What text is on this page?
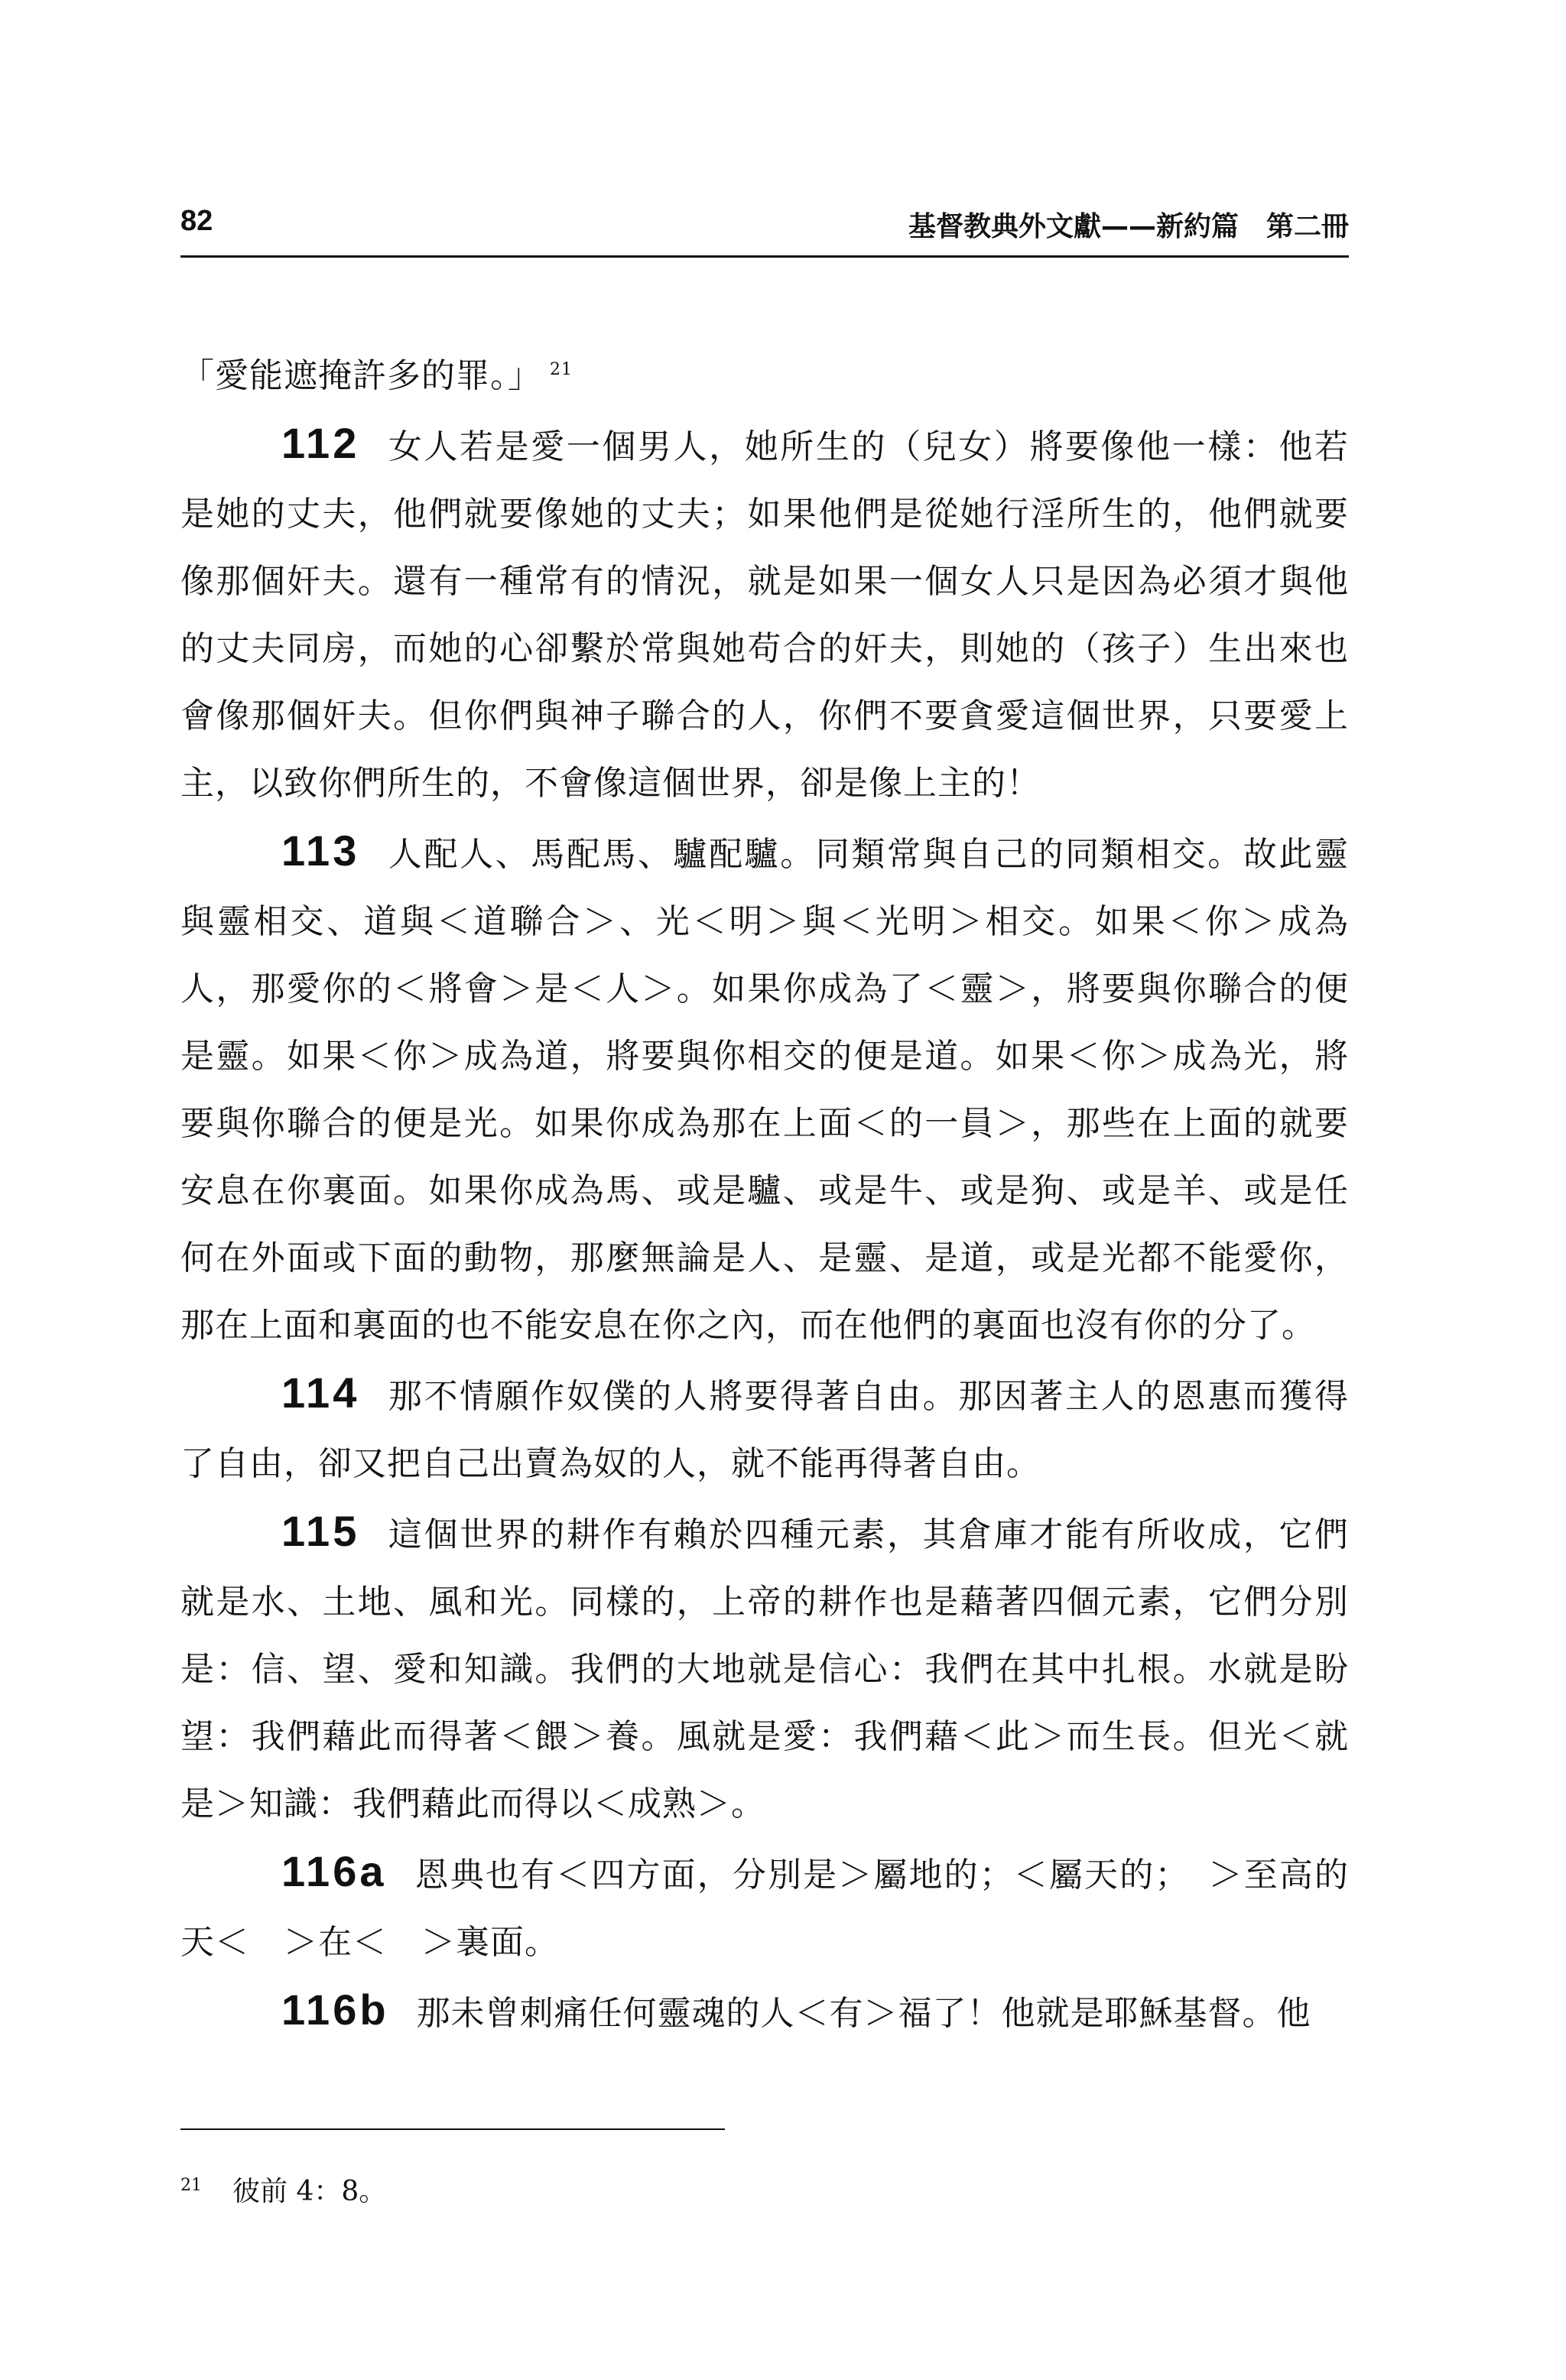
82	基督教典外文獻——新約篇　第二冊

「愛能遮掩許多的罪。」 $^{21}$

112 女人若是愛一個男人，她所生的（兒女）將要像他一樣：他若是她的丈夫，他們就要像她的丈夫；如果他們是從她行淫所生的，他們就要像那個奸夫。還有一種常有的情況，就是如果一個女人只是因為必須才與他的丈夫同房，而她的心卻繫於常與她苟合的奸夫，則她的（孩子）生出來也會像那個奸夫。但你們與神子聯合的人，你們不要貪愛這個世界，只要愛上主，以致你們所生的，不會像這個世界，卻是像上主的！

113 人配人、馬配馬、驢配驢。同類常與自己的同類相交。故此靈與靈相交、道與＜道聯合＞、光＜明＞與＜光明＞相交。如果＜你＞成為人，那愛你的＜將會＞是＜人＞。如果你成為了＜靈＞，將要與你聯合的便是靈。如果＜你＞成為道，將要與你相交的便是道。如果＜你＞成為光，將要與你聯合的便是光。如果你成為那在上面＜的一員＞，那些在上面的就要安息在你裏面。如果你成為馬、或是驢、或是牛、或是狗、或是羊、或是任何在外面或下面的動物，那麼無論是人、是靈、是道，或是光都不能愛你，那在上面和裏面的也不能安息在你之內，而在他們的裏面也沒有你的分了。

114 那不情願作奴僕的人將要得著自由。那因著主人的恩惠而獲得了自由，卻又把自己出賣為奴的人，就不能再得著自由。

115 這個世界的耕作有賴於四種元素，其倉庫才能有所收成，它們就是水、土地、風和光。同樣的，上帝的耕作也是藉著四個元素，它們分別是：信、望、愛和知識。我們的大地就是信心：我們在其中扎根。水就是盼望：我們藉此而得著＜餵＞養。風就是愛：我們藉＜此＞而生長。但光＜就是＞知識：我們藉此而得以＜成熟＞。

116a 恩典也有＜四方面，分別是＞屬地的；＜屬天的；　＞至高的天＜　＞在＜　＞裏面。

116b 那未曾刺痛任何靈魂的人＜有＞福了！他就是耶穌基督。他

$^{21}$ 彼前 4：8。
